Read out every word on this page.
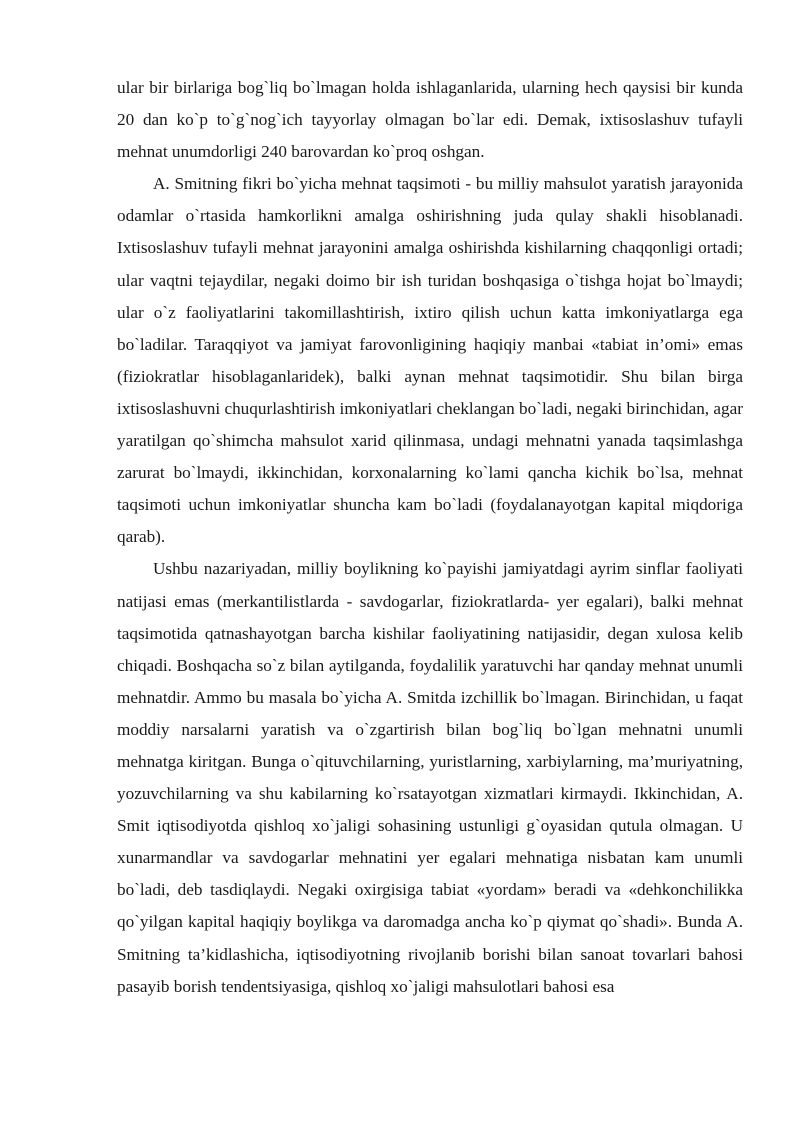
ular bir birlariga bog`liq bo`lmagan holda ishlaganlarida, ularning hech qaysisi bir kunda 20 dan ko`p to`g`nog`ich tayyorlay olmagan bo`lar edi. Demak, ixtisoslashuv tufayli mehnat unumdorligi 240 barovardan ko`proq oshgan.

A. Smitning fikri bo`yicha mehnat taqsimoti - bu milliy mahsulot yaratish jarayonida odamlar o`rtasida hamkorlikni amalga oshirishning juda qulay shakli hisoblanadi. Ixtisoslashuv tufayli mehnat jarayonini amalga oshirishda kishilarning chaqqonligi ortadi; ular vaqtni tejaydilar, negaki doimo bir ish turidan boshqasiga o`tishga hojat bo`lmaydi; ular o`z faoliyatlarini takomillashtirish, ixtiro qilish uchun katta imkoniyatlarga ega bo`ladilar. Taraqqiyot va jamiyat farovonligining haqiqiy manbai «tabiat in’omi» emas (fiziokratlar hisoblaganlaridek), balki aynan mehnat taqsimotidir. Shu bilan birga ixtisoslashuvni chuqurlashtirish imkoniyatlari cheklangan bo`ladi, negaki birinchidan, agar yaratilgan qo`shimcha mahsulot xarid qilinmasa, undagi mehnatni yanada taqsimlashga zarurat bo`lmaydi, ikkinchidan, korxonalarning ko`lami qancha kichik bo`lsa, mehnat taqsimoti uchun imkoniyatlar shuncha kam bo`ladi (foydalanayotgan kapital miqdoriga qarab).

Ushbu nazariyadan, milliy boylikning ko`payishi jamiyatdagi ayrim sinflar faoliyati natijasi emas (merkantilistlarda - savdogarlar, fiziokratlarda- yer egalari), balki mehnat taqsimotida qatnashayotgan barcha kishilar faoliyatining natijasidir, degan xulosa kelib chiqadi. Boshqacha so`z bilan aytilganda, foydalilik yaratuvchi har qanday mehnat unumli mehnatdir. Ammo bu masala bo`yicha A. Smitda izchillik bo`lmagan. Birinchidan, u faqat moddiy narsalarni yaratish va o`zgartirish bilan bog`liq bo`lgan mehnatni unumli mehnatga kiritgan. Bunga o`qituvchilarning, yuristlarning, xarbiylarning, ma’muriyatning, yozuvchilarning va shu kabilarning ko`rsatayotgan xizmatlari kirmaydi. Ikkinchidan, A. Smit iqtisodiyotda qishloq xo`jaligi sohasining ustunligi g`oyasidan qutula olmagan. U xunarmandlar va savdogarlar mehnatini yer egalari mehnatiga nisbatan kam unumli bo`ladi, deb tasdiqlaydi. Negaki oxirgisiga tabiat «yordam» beradi va «dehkonchilikka qo`yilgan kapital haqiqiy boylikga va daromadga ancha ko`p qiymat qo`shadi». Bunda A. Smitning ta’kidlashicha, iqtisodiyotning rivojlanib borishi bilan sanoat tovarlari bahosi pasayib borish tendentsiyasiga, qishloq xo`jaligi mahsulotlari bahosi esa
